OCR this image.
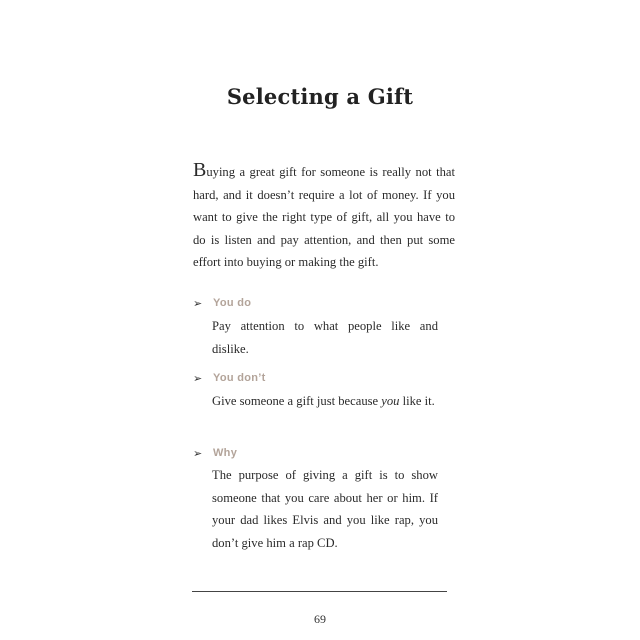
Selecting a Gift
Buying a great gift for someone is really not that hard, and it doesn’t require a lot of money. If you want to give the right type of gift, all you have to do is listen and pay attention, and then put some effort into buying or making the gift.
➢ You do
Pay attention to what people like and dislike.
➢ You don’t
Give someone a gift just because you like it.
➢ Why
The purpose of giving a gift is to show someone that you care about her or him. If your dad likes Elvis and you like rap, you don’t give him a rap CD.
69
